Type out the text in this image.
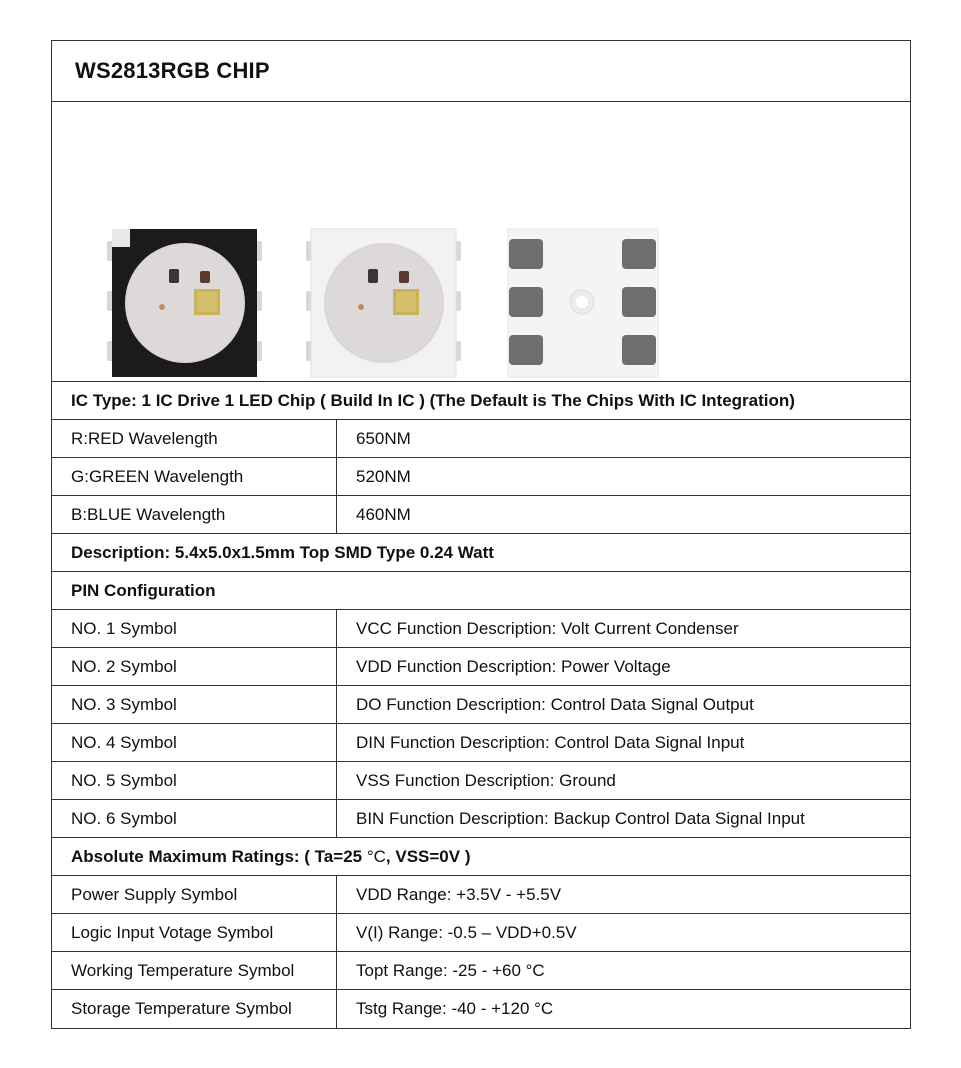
WS2813RGB CHIP
IC Type: 1 IC Drive 1 LED Chip ( Build In IC ) (The Default is The Chips With IC Integration)
R:RED Wavelength	650NM
G:GREEN Wavelength	520NM
B:BLUE Wavelength	460NM
Description: 5.4x5.0x1.5mm Top SMD Type 0.24 Watt
PIN Configuration
NO. 1 Symbol	VCC Function Description: Volt Current Condenser
NO. 2 Symbol	VDD Function Description: Power Voltage
NO. 3 Symbol	DO Function Description: Control Data Signal Output
NO. 4 Symbol	DIN Function Description: Control Data Signal Input
NO. 5 Symbol	VSS Function Description: Ground
NO. 6 Symbol	BIN Function Description: Backup Control Data Signal Input
Absolute Maximum Ratings: ( Ta=25 °C , VSS=0V )
Power Supply Symbol	VDD Range: +3.5V - +5.5V
Logic Input Votage Symbol	V(I) Range: -0.5 – VDD+0.5V
Working Temperature Symbol	Topt Range: -25 - +60 °C
Storage Temperature Symbol	Tstg Range: -40 - +120 °C
